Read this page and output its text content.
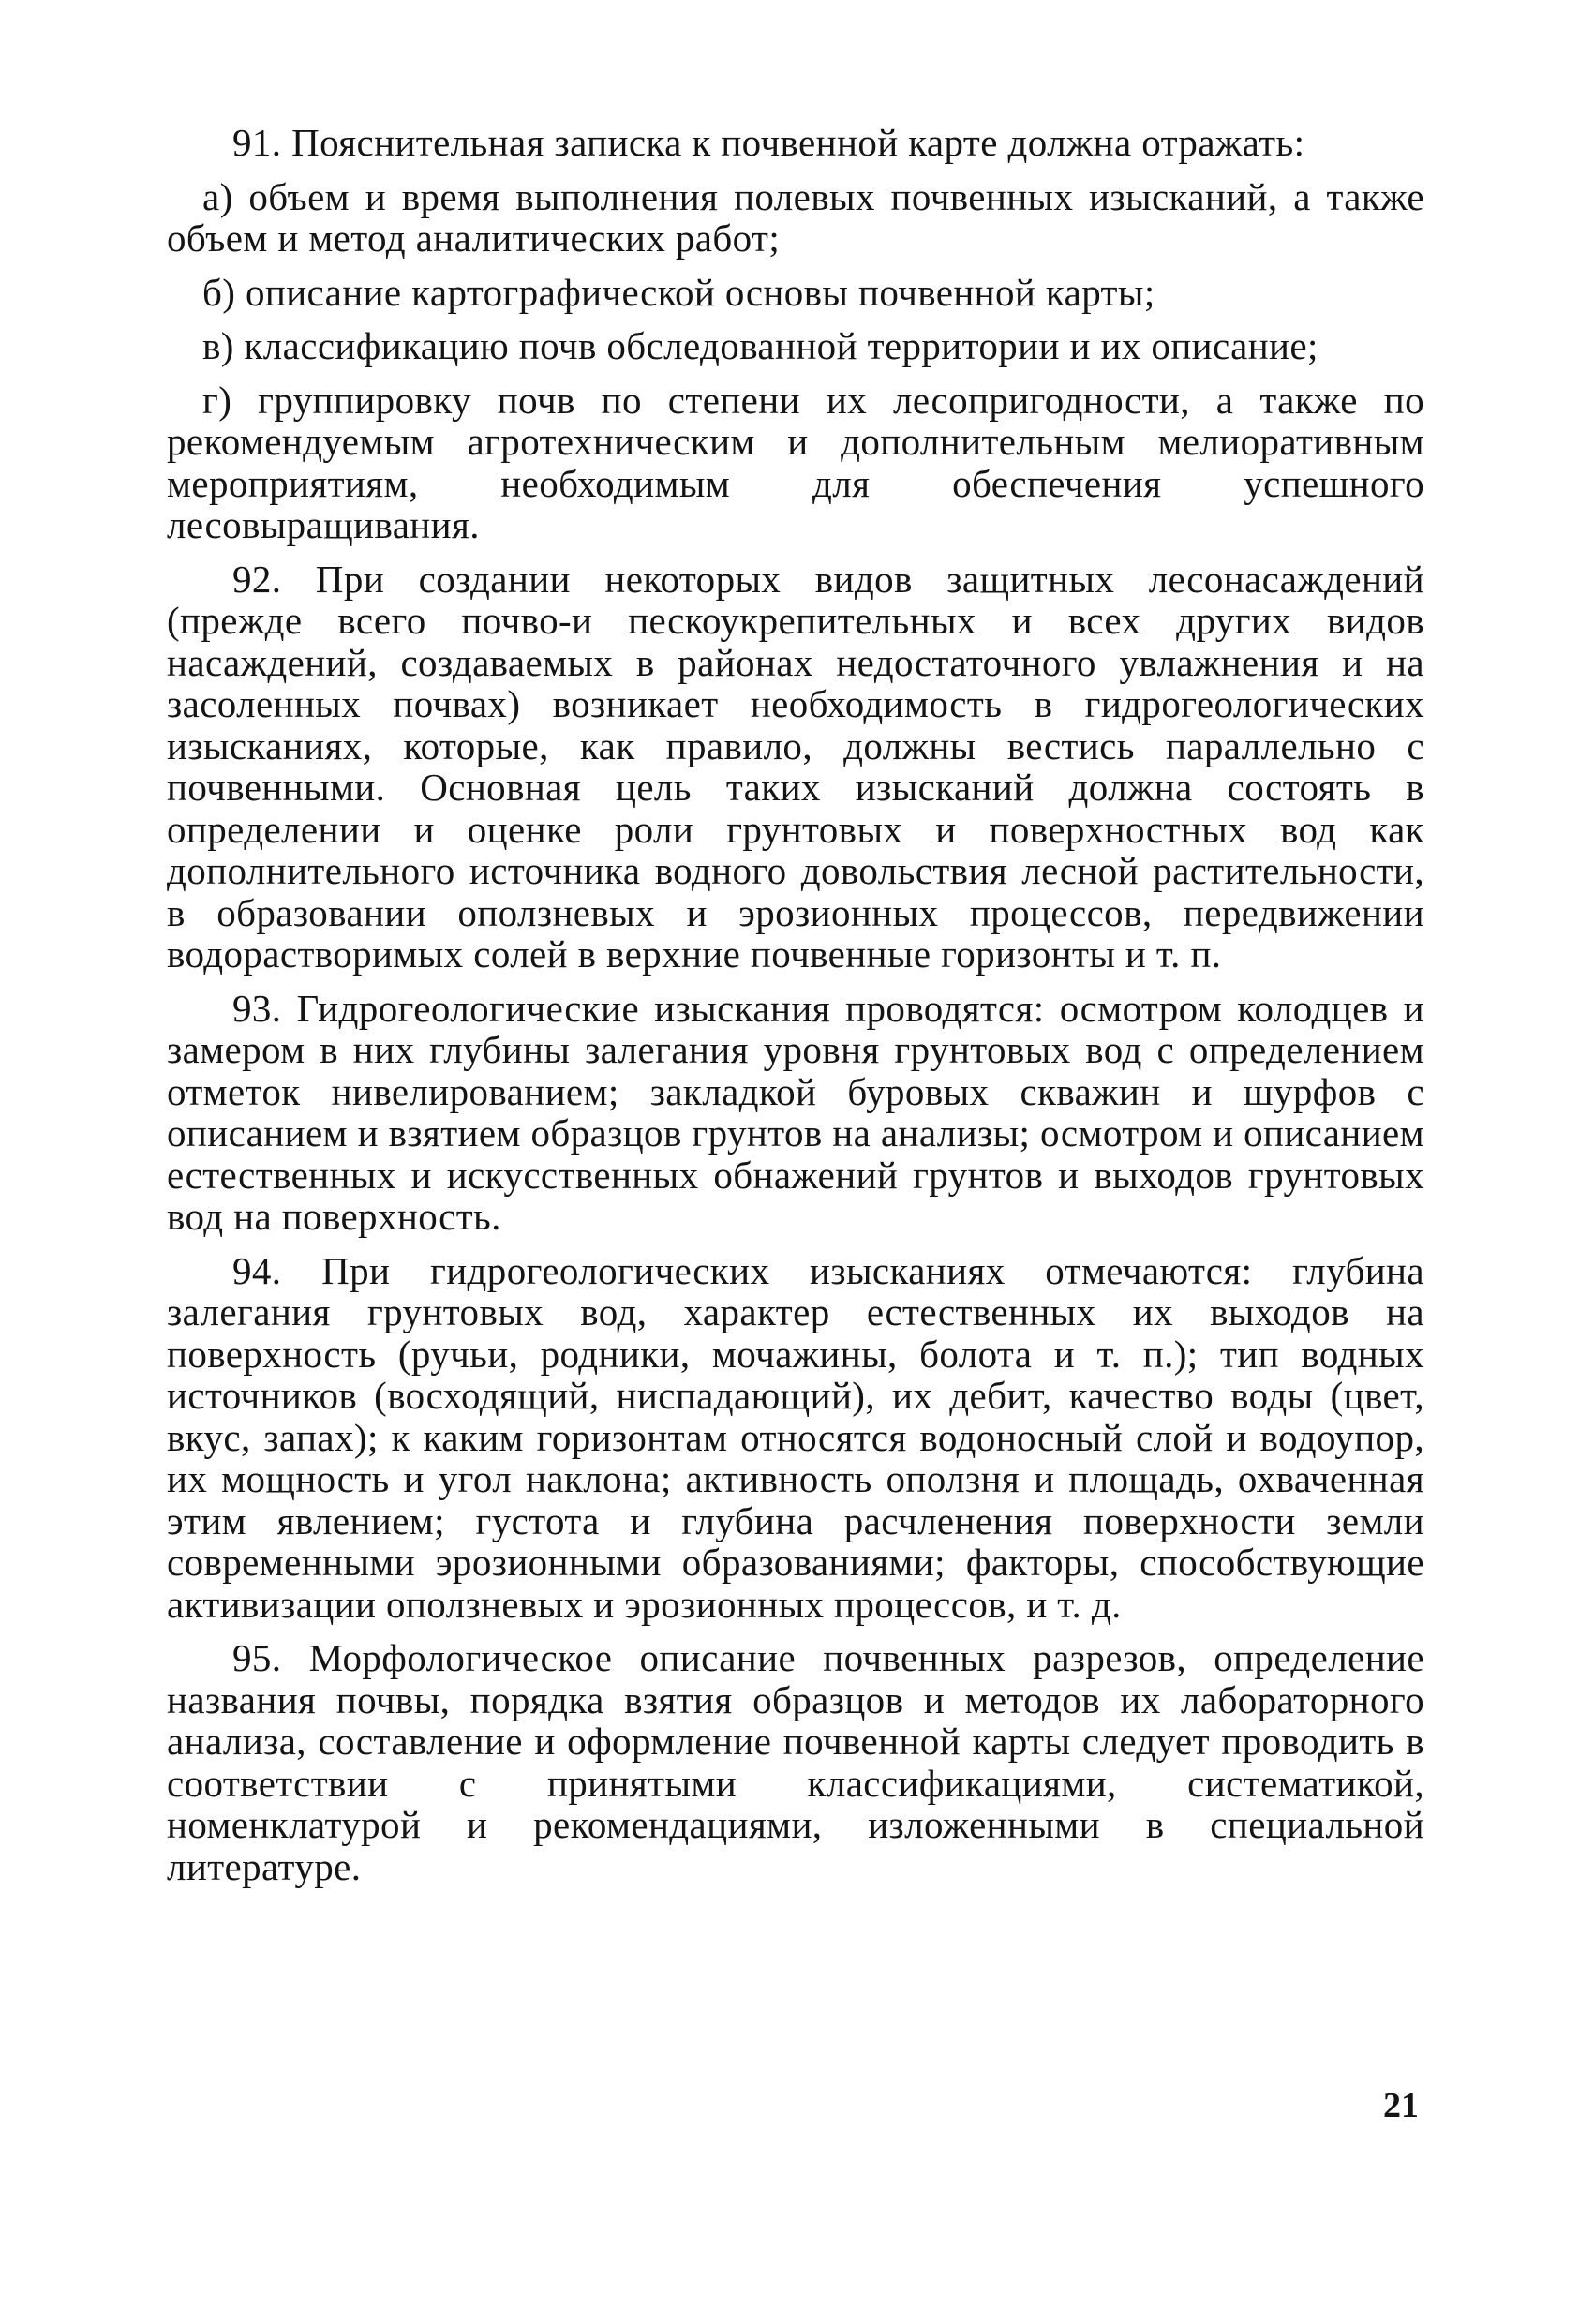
91. Пояснительная записка к почвенной карте должна отражать:

а) объем и время выполнения полевых почвенных изысканий, а также объем и метод аналитических работ;

б) описание картографической основы почвенной карты;

в) классификацию почв обследованной территории и их описание;

г) группировку почв по степени их лесопригодности, а также по рекомендуемым агротехническим и дополнительным мелиоративным мероприятиям, необходимым для обеспечения успешного лесовыращивания.

92. При создании некоторых видов защитных лесонасаждений (прежде всего почво-и пескоукрепительных и всех других видов насаждений, создаваемых в районах недостаточного увлажнения и на засоленных почвах) возникает необходимость в гидрогеологических изысканиях, которые, как правило, должны вестись параллельно с почвенными. Основная цель таких изысканий должна состоять в определении и оценке роли грунтовых и поверхностных вод как дополнительного источника водного довольствия лесной растительности, в образовании оползневых и эрозионных процессов, передвижении водорастворимых солей в верхние почвенные горизонты и т. п.

93. Гидрогеологические изыскания проводятся: осмотром колодцев и замером в них глубины залегания уровня грунтовых вод с определением отметок нивелированием; закладкой буровых скважин и шурфов с описанием и взятием образцов грунтов на анализы; осмотром и описанием естественных и искусственных обнажений грунтов и выходов грунтовых вод на поверхность.

94. При гидрогеологических изысканиях отмечаются: глубина залегания грунтовых вод, характер естественных их выходов на поверхность (ручьи, родники, мочажины, болота и т. п.); тип водных источников (восходящий, ниспадающий), их дебит, качество воды (цвет, вкус, запах); к каким горизонтам относятся водоносный слой и водоупор, их мощность и угол наклона; активность оползня и площадь, охваченная этим явлением; густота и глубина расчленения поверхности земли современными эрозионными образованиями; факторы, способствующие активизации оползневых и эрозионных процессов, и т. д.

95. Морфологическое описание почвенных разрезов, определение названия почвы, порядка взятия образцов и методов их лабораторного анализа, составление и оформление почвенной карты следует проводить в соответствии с принятыми классификациями, систематикой, номенклатурой и рекомендациями, изложенными в специальной литературе.

21
